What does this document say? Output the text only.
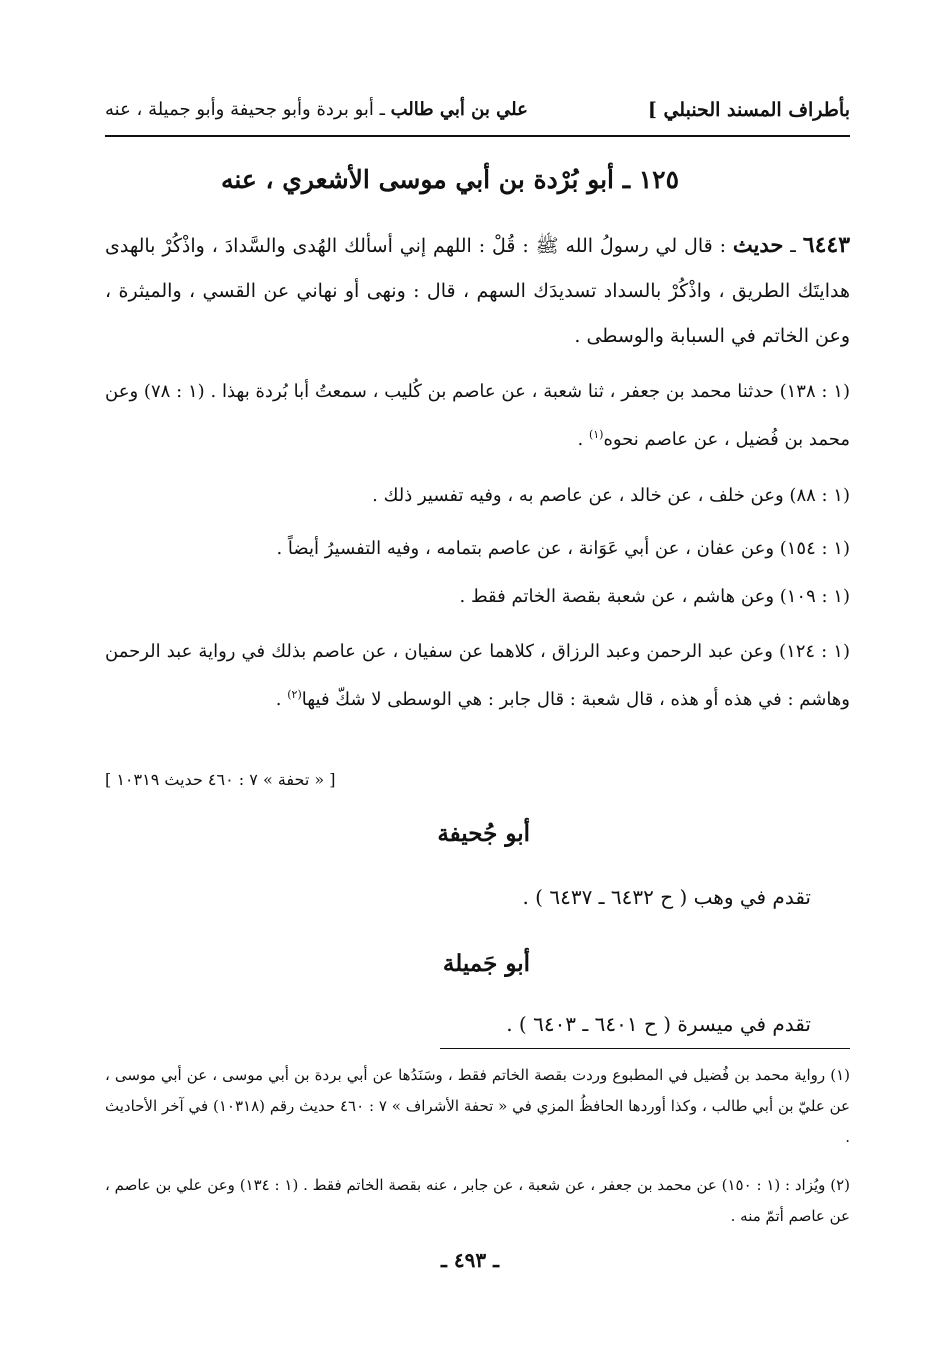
بأطراف المسند الحنبلي ]
علي بن أبي طالب ـ أبو بردة وأبو جحيفة وأبو جميلة ، عنه
١٢٥ ـ أبو بُرْدة بن أبي موسى الأشعري ، عنه
٦٤٤٣ ـ حديث : قال لي رسولُ الله ﷺ : قُلْ : اللهم إني أسألك الهُدى والسَّدادَ ، واذْكُرْ بالهدى هدايتَك الطريق ، واذْكُرْ بالسداد تسديدَك السهم ، قال : ونهى أو نهاني عن القسي ، والميثرة ، وعن الخاتم في السبابة والوسطى .
(١ : ١٣٨) حدثنا محمد بن جعفر ، ثنا شعبة ، عن عاصم بن كُليب ، سمعتُ أبا بُردة بهذا . (١ : ٧٨) وعن محمد بن فُضيل ، عن عاصم نحوه$^{(١)}$ .
(١ : ٨٨) وعن خلف ، عن خالد ، عن عاصم به ، وفيه تفسير ذلك .
(١ : ١٥٤) وعن عفان ، عن أبي عَوَانة ، عن عاصم بتمامه ، وفيه التفسيرُ أيضاً .
(١ : ١٠٩) وعن هاشم ، عن شعبة بقصة الخاتم فقط .
(١ : ١٢٤) وعن عبد الرحمن وعبد الرزاق ، كلاهما عن سفيان ، عن عاصم بذلك في رواية عبد الرحمن وهاشم : في هذه أو هذه ، قال شعبة : قال جابر : هي الوسطى لا شكّ فيها$^{(٢)}$ .
[ « تحفة » ٧ : ٤٦٠ حديث ١٠٣١٩ ]
أبو جُحيفة
تقدم في وهب ( ح ٦٤٣٢ ـ ٦٤٣٧ ) .
أبو جَميلة
تقدم في ميسرة ( ح ٦٤٠١ ـ ٦٤٠٣ ) .
(١) رواية محمد بن فُضيل في المطبوع وردت بقصة الخاتم فقط ، وسَنَدُها عن أبي بردة بن أبي موسى ، عن أبي موسى ، عن عليّ بن أبي طالب ، وكذا أوردها الحافظُ المزي في « تحفة الأشراف » ٧ : ٤٦٠ حديث رقم (١٠٣١٨) في آخر الأحاديث .
(٢) ويُزاد : (١ : ١٥٠) عن محمد بن جعفر ، عن شعبة ، عن جابر ، عنه بقصة الخاتم فقط . (١ : ١٣٤) وعن علي بن عاصم ، عن عاصم أتمّ منه .
ـ ٤٩٣ ـ
